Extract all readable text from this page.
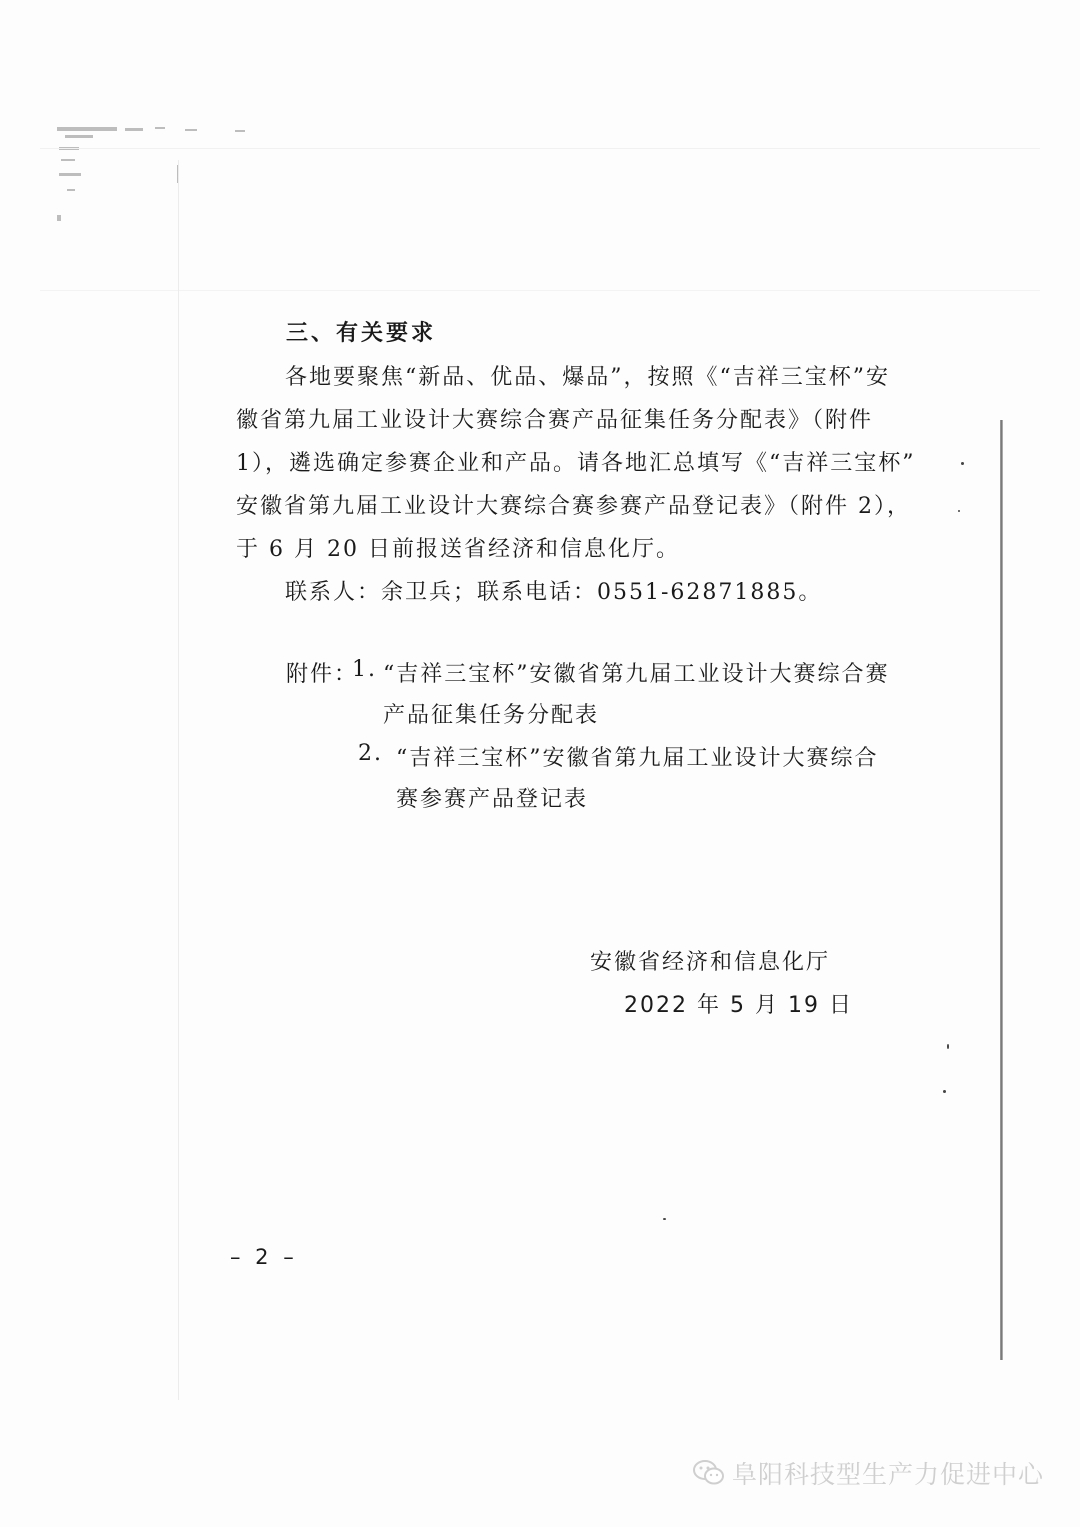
三、有关要求
各地要聚焦“新品、优品、爆品”，按照《“吉祥三宝杯”安
徽省第九届工业设计大赛综合赛产品征集任务分配表》（附件
1），遴选确定参赛企业和产品。请各地汇总填写《“吉祥三宝杯”
安徽省第九届工业设计大赛综合赛参赛产品登记表》（附件 2），
于 6 月 20 日前报送省经济和信息化厅。
联系人：余卫兵；联系电话：0551-62871885。
附件：
1. “吉祥三宝杯”安徽省第九届工业设计大赛综合赛
产品征集任务分配表
2. “吉祥三宝杯”安徽省第九届工业设计大赛综合
赛参赛产品登记表
安徽省经济和信息化厅
2022 年 5 月 19 日
– 2 –
阜阳科技型生产力促进中心
